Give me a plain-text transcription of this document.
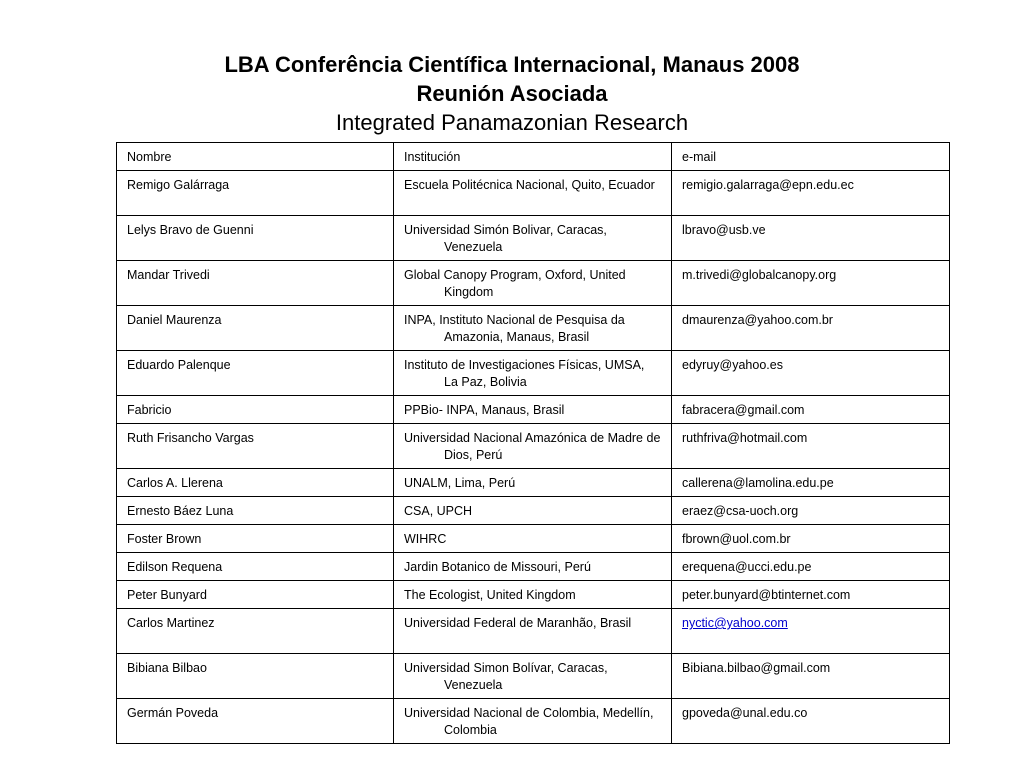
LBA Conferência Científica Internacional, Manaus 2008

Reunión Asociada

Integrated Panamazonian Research

Nombre	Institución	e-mail
Remigo Galárraga	Escuela Politécnica Nacional, Quito, Ecuador	remigio.galarraga@epn.edu.ec
Lelys Bravo de Guenni	Universidad Simón Bolivar, Caracas, Venezuela	lbravo@usb.ve
Mandar Trivedi	Global Canopy Program, Oxford, United Kingdom	m.trivedi@globalcanopy.org
Daniel Maurenza	INPA, Instituto Nacional de Pesquisa da Amazonia, Manaus, Brasil	dmaurenza@yahoo.com.br
Eduardo Palenque	Instituto de Investigaciones Físicas, UMSA, La Paz, Bolivia	edyruy@yahoo.es
Fabricio	PPBio- INPA, Manaus, Brasil	fabracera@gmail.com
Ruth Frisancho Vargas	Universidad Nacional Amazónica de Madre de Dios, Perú	ruthfriva@hotmail.com
Carlos A. Llerena	UNALM, Lima, Perú	callerena@lamolina.edu.pe
Ernesto Báez Luna	CSA, UPCH	eraez@csa-uoch.org
Foster Brown	WIHRC	fbrown@uol.com.br
Edilson Requena	Jardin Botanico de Missouri, Perú	erequena@ucci.edu.pe
Peter Bunyard	The Ecologist, United Kingdom	peter.bunyard@btinternet.com
Carlos Martinez	Universidad Federal de Maranhão, Brasil	nyctic@yahoo.com
Bibiana Bilbao	Universidad Simon Bolívar, Caracas, Venezuela	Bibiana.bilbao@gmail.com
Germán Poveda	Universidad Nacional de Colombia, Medellín, Colombia	gpoveda@unal.edu.co
